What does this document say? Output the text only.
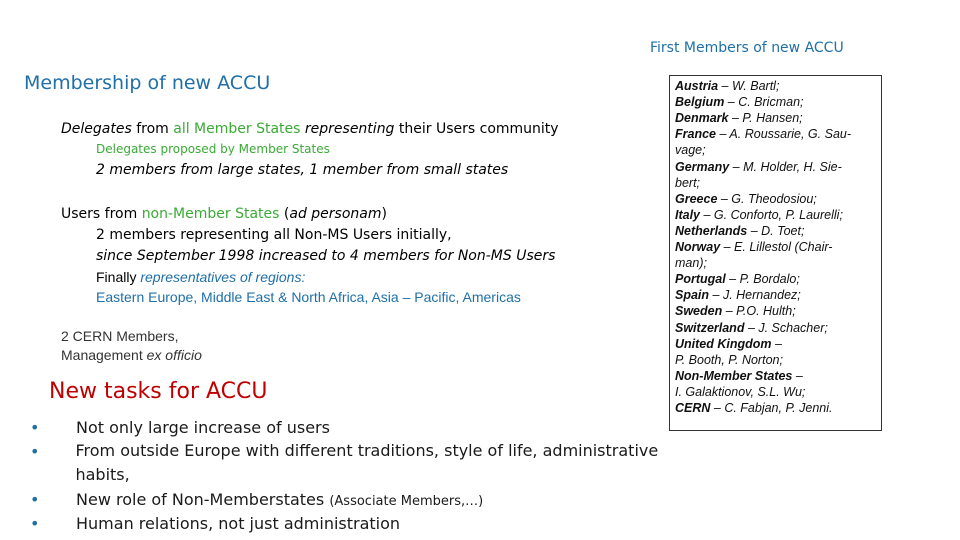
First Members of new ACCU
Membership of new ACCU
Delegates from all Member States representing their Users community
Delegates proposed by Member States
2 members from large states, 1 member from small states
Users from non-Member States (ad personam)
2 members representing all Non-MS Users initially,
since September 1998 increased to 4 members for Non-MS Users
Finally representatives of regions:
Eastern Europe, Middle East & North Africa, Asia – Pacific, Americas
2 CERN Members,
Management ex officio
New tasks for ACCU
•	Not only large increase of users
•	From outside Europe with different traditions, style of life, administrative habits,
•	New role of Non-Memberstates (Associate Members,…)
•	Human relations, not just administration
Austria – W. Bartl;
Belgium – C. Bricman;
Denmark – P. Hansen;
France – A. Roussarie, G. Sau-
vage;
Germany – M. Holder, H. Sie-
bert;
Greece – G. Theodosiou;
Italy – G. Conforto, P. Laurelli;
Netherlands – D. Toet;
Norway – E. Lillestol (Chair-
man);
Portugal – P. Bordalo;
Spain – J. Hernandez;
Sweden – P.O. Hulth;
Switzerland – J. Schacher;
United Kingdom –
P. Booth, P. Norton;
Non-Member States –
I. Galaktionov, S.L. Wu;
CERN – C. Fabjan, P. Jenni.
